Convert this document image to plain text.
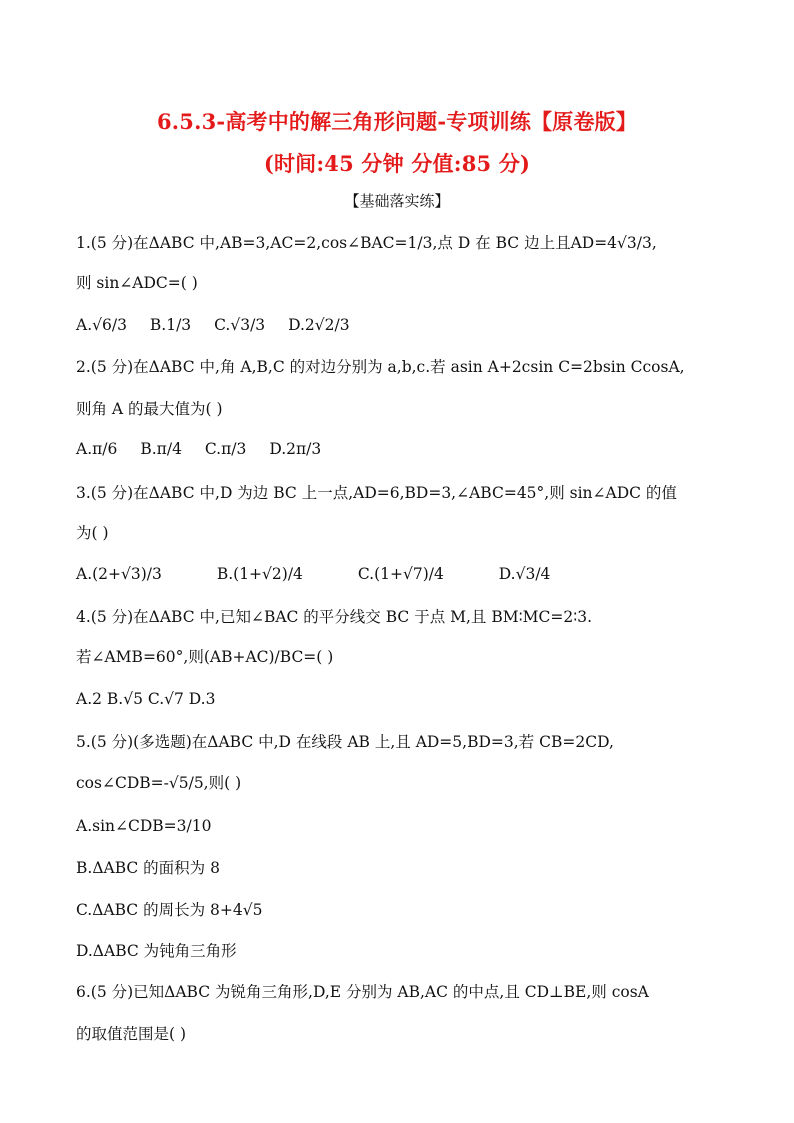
6.5.3-高考中的解三角形问题-专项训练【原卷版】
(时间:45 分钟 分值:85 分)
【基础落实练】
1.(5 分)在ΔABC 中,AB=3,AC=2,cos∠BAC=1/3,点 D 在 BC 边上且AD=4√3/3,
则 sin∠ADC=( )
A.√6/3 B.1/3 C.√3/3 D.2√2/3
2.(5 分)在ΔABC 中,角 A,B,C 的对边分别为 a,b,c.若 asin A+2csin C=2bsin CcosA,
则角 A 的最大值为( )
A.π/6 B.π/4 C.π/3 D.2π/3
3.(5 分)在ΔABC 中,D 为边 BC 上一点,AD=6,BD=3,∠ABC=45°,则 sin∠ADC 的值
为( )
A.(2+√3)/3	B.(1+√2)/4	C.(1+√7)/4	D.√3/4
4.(5 分)在ΔABC 中,已知∠BAC 的平分线交 BC 于点 M,且 BM∶MC=2∶3.
若∠AMB=60°,则(AB+AC)/BC=( )
A.2 B.√5 C.√7 D.3
5.(5 分)(多选题)在ΔABC 中,D 在线段 AB 上,且 AD=5,BD=3,若 CB=2CD,
cos∠CDB=-√5/5,则( )
A.sin∠CDB=3/10
B.ΔABC 的面积为 8
C.ΔABC 的周长为 8+4√5
D.ΔABC 为钝角三角形
6.(5 分)已知ΔABC 为锐角三角形,D,E 分别为 AB,AC 的中点,且 CD⊥BE,则 cosA
的取值范围是( )
